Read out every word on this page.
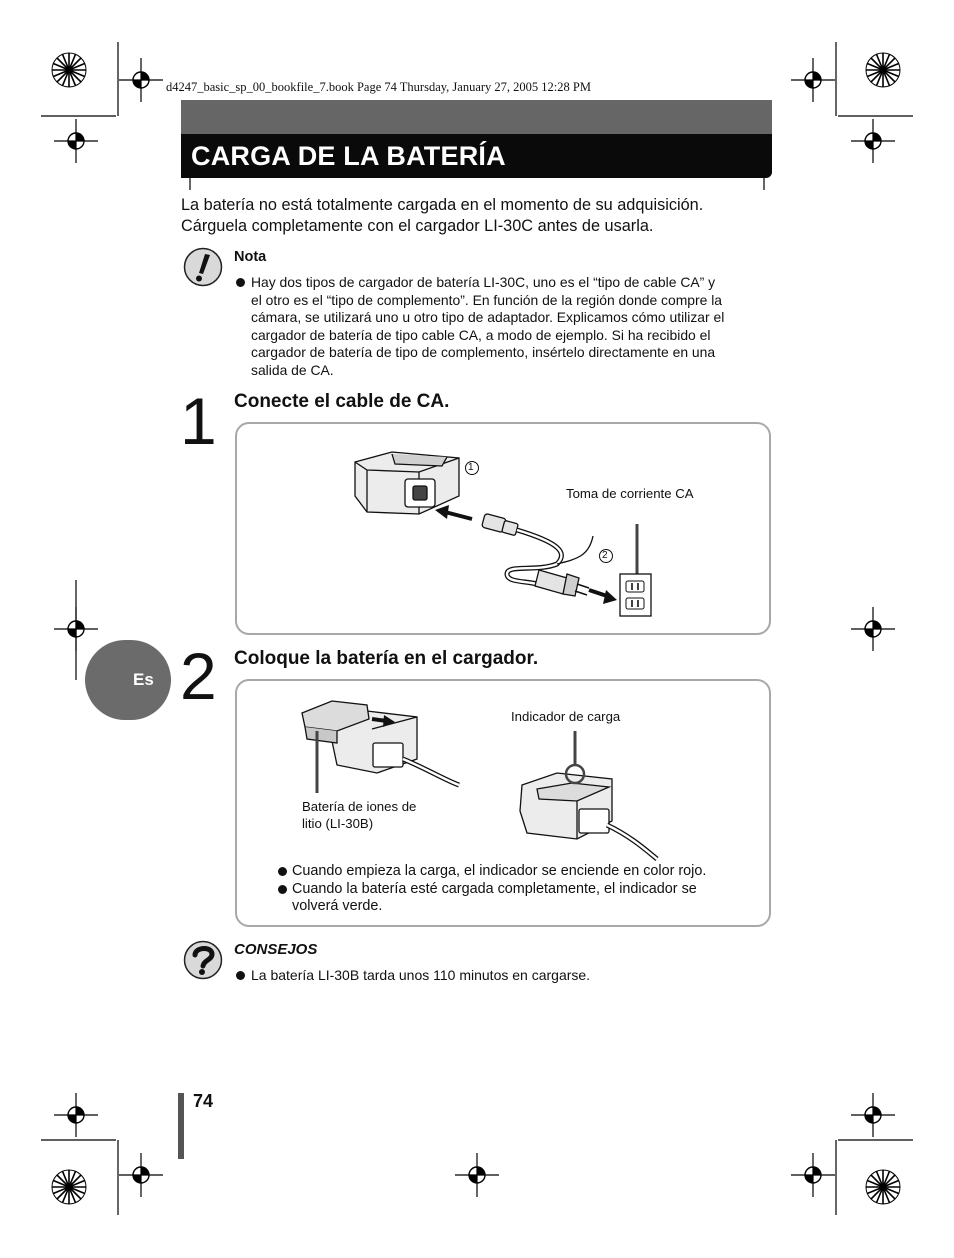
d4247_basic_sp_00_bookfile_7.book Page 74 Thursday, January 27, 2005 12:28 PM
CARGA DE LA BATERÍA
La batería no está totalmente cargada en el momento de su adquisición.
Cárguela completamente con el cargador LI-30C antes de usarla.
Nota
Hay dos tipos de cargador de batería LI-30C, uno es el “tipo de cable CA” y
el otro es el “tipo de complemento”. En función de la región donde compre la
cámara, se utilizará uno u otro tipo de adaptador. Explicamos cómo utilizar el
cargador de batería de tipo cable CA, a modo de ejemplo. Si ha recibido el
cargador de batería de tipo de complemento, insértelo directamente en una
salida de CA.
1 Conecte el cable de CA.
1
2
Toma de corriente CA
Es 2 Coloque la batería en el cargador.
Indicador de carga
Batería de iones de
litio (LI-30B)
Cuando empieza la carga, el indicador se enciende en color rojo.
Cuando la batería esté cargada completamente, el indicador se
volverá verde.
CONSEJOS
La batería LI-30B tarda unos 110 minutos en cargarse.
74
